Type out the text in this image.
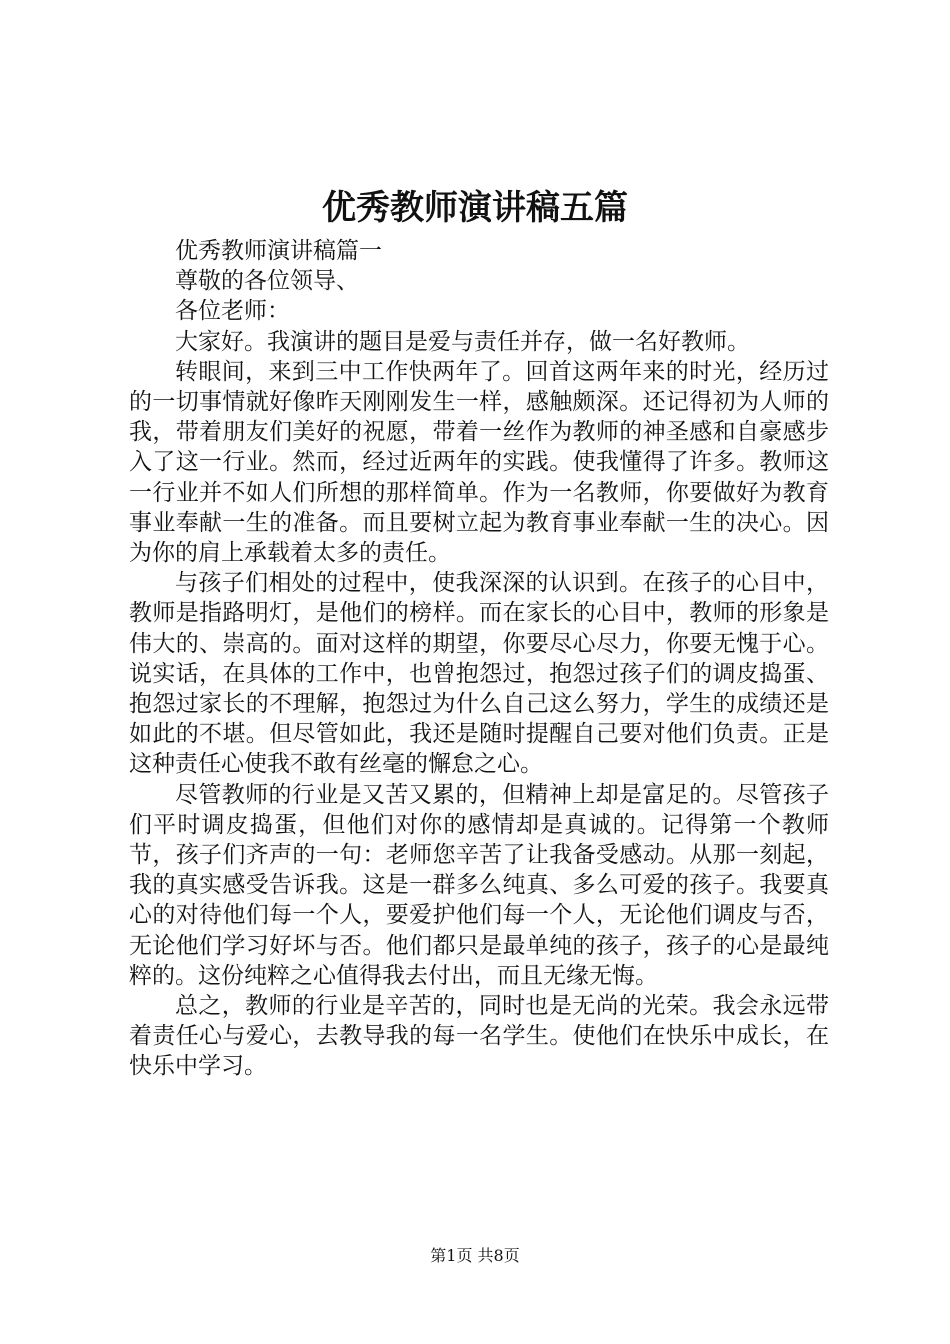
优秀教师演讲稿五篇

优秀教师演讲稿篇一

尊敬的各位领导、

各位老师：

大家好。我演讲的题目是爱与责任并存，做一名好教师。

转眼间，来到三中工作快两年了。回首这两年来的时光，经历过的一切事情就好像昨天刚刚发生一样，感触颇深。还记得初为人师的我，带着朋友们美好的祝愿，带着一丝作为教师的神圣感和自豪感步入了这一行业。然而，经过近两年的实践。使我懂得了许多。教师这一行业并不如人们所想的那样简单。作为一名教师，你要做好为教育事业奉献一生的准备。而且要树立起为教育事业奉献一生的决心。因为你的肩上承载着太多的责任。

与孩子们相处的过程中，使我深深的认识到。在孩子的心目中，教师是指路明灯，是他们的榜样。而在家长的心目中，教师的形象是伟大的、崇高的。面对这样的期望，你要尽心尽力，你要无愧于心。说实话，在具体的工作中，也曾抱怨过，抱怨过孩子们的调皮捣蛋、抱怨过家长的不理解，抱怨过为什么自己这么努力，学生的成绩还是如此的不堪。但尽管如此，我还是随时提醒自己要对他们负责。正是这种责任心使我不敢有丝毫的懈怠之心。

尽管教师的行业是又苦又累的，但精神上却是富足的。尽管孩子们平时调皮捣蛋，但他们对你的感情却是真诚的。记得第一个教师节，孩子们齐声的一句：老师您辛苦了让我备受感动。从那一刻起，我的真实感受告诉我。这是一群多么纯真、多么可爱的孩子。我要真心的对待他们每一个人，要爱护他们每一个人，无论他们调皮与否，无论他们学习好坏与否。他们都只是最单纯的孩子，孩子的心是最纯粹的。这份纯粹之心值得我去付出，而且无缘无悔。

总之，教师的行业是辛苦的，同时也是无尚的光荣。我会永远带着责任心与爱心，去教导我的每一名学生。使他们在快乐中成长，在快乐中学习。

第1页 共8页
